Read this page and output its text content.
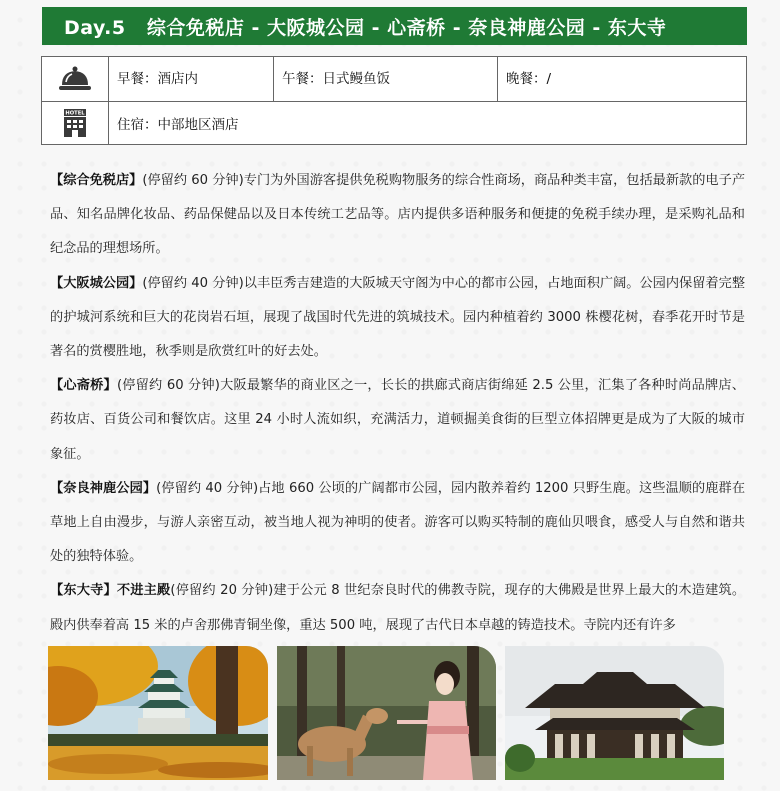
Day.5   综合免税店 - 大阪城公园 - 心斋桥 - 奈良神鹿公园 - 东大寺
早餐：酒店内	午餐：日式鳗鱼饭	晚餐：/
HOTEL
住宿：中部地区酒店

【综合免税店】(停留约 60 分钟)专门为外国游客提供免税购物服务的综合性商场，商品种类丰富，包括最新款的电子产品、知名品牌化妆品、药品保健品以及日本传统工艺品等。店内提供多语种服务和便捷的免税手续办理，是采购礼品和纪念品的理想场所。

【大阪城公园】(停留约 40 分钟)以丰臣秀吉建造的大阪城天守阁为中心的都市公园，占地面积广阔。公园内保留着完整的护城河系统和巨大的花岗岩石垣，展现了战国时代先进的筑城技术。园内种植着约 3000 株樱花树，春季花开时节是著名的赏樱胜地，秋季则是欣赏红叶的好去处。

【心斋桥】(停留约 60 分钟)大阪最繁华的商业区之一，长长的拱廊式商店街绵延 2.5 公里，汇集了各种时尚品牌店、药妆店、百货公司和餐饮店。这里 24 小时人流如织，充满活力，道顿掘美食街的巨型立体招牌更是成为了大阪的城市象征。

【奈良神鹿公园】(停留约 40 分钟)占地 660 公顷的广阔都市公园，园内散养着约 1200 只野生鹿。这些温顺的鹿群在草地上自由漫步，与游人亲密互动，被当地人视为神明的使者。游客可以购买特制的鹿仙贝喂食，感受人与自然和谐共处的独特体验。

【东大寺】不进主殿(停留约 20 分钟)建于公元 8 世纪奈良时代的佛教寺院，现存的大佛殿是世界上最大的木造建筑。殿内供奉着高 15 米的卢舍那佛青铜坐像，重达 500 吨，展现了古代日本卓越的铸造技术。寺院内还有许多
